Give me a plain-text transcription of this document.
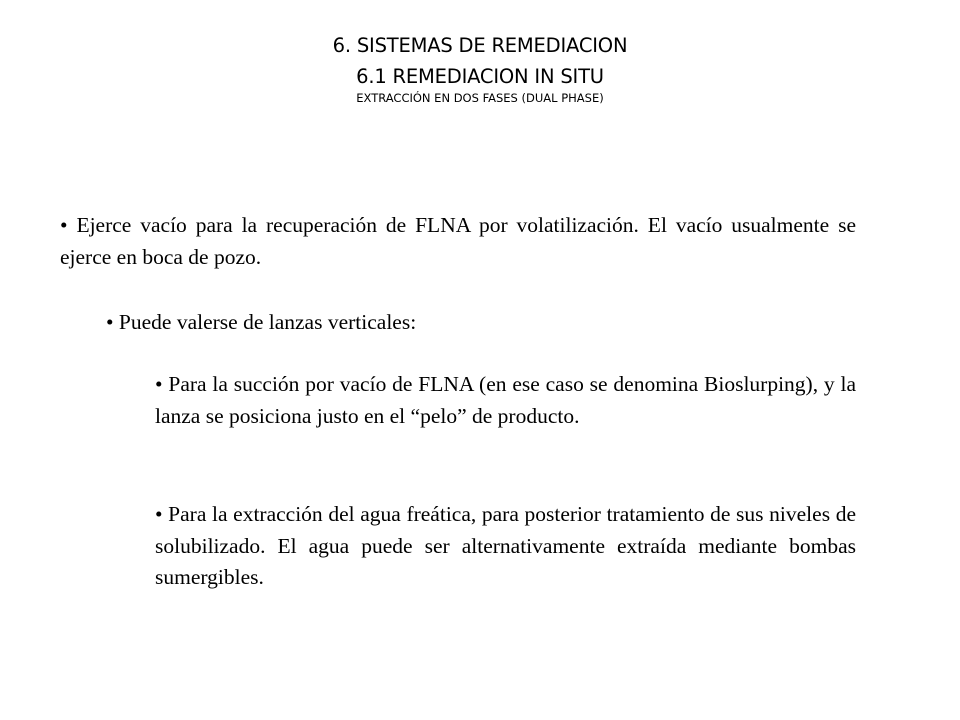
6. SISTEMAS DE REMEDIACION
6.1 REMEDIACION IN SITU
EXTRACCIÓN EN DOS FASES (DUAL PHASE)

• Ejerce vacío para la recuperación de FLNA por volatilización. El vacío usualmente se ejerce en boca de pozo.

• Puede valerse de lanzas verticales:

• Para la succión por vacío de FLNA (en ese caso se denomina Bioslurping), y la lanza se posiciona justo en el “pelo” de producto.

• Para la extracción del agua freática, para posterior tratamiento de sus niveles de solubilizado. El agua puede ser alternativamente extraída mediante bombas sumergibles.
